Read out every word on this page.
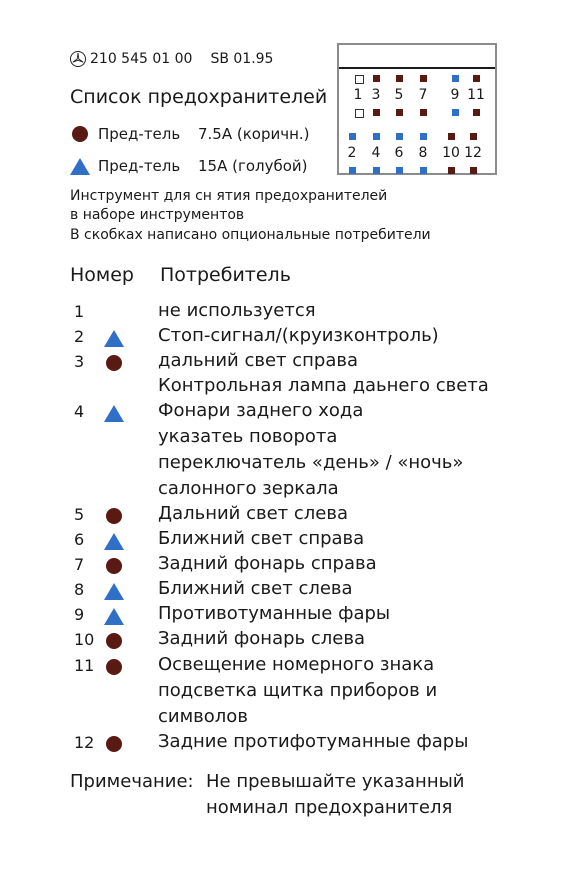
210 545 01 00 SB 01.95
Список предохранителей
Пред-тель	7.5A (коричн.)
Пред-тель	15A (голубой)
Инструмент для сн ятия предохранителей
в наборе инструментов
В скобках написано опциональные потребители
Номер Потребитель
1	не используется
2	Стоп-сигнал/(круизконтроль)
3	дальний свет справа
Контрольная лампа даьнего света
4	Фонари заднего хода
указатеь поворота
переключатель «день» / «ночь»
салонного зеркала
5	Дальний свет слева
6	Ближний свет справа
7	Задний фонарь справа
8	Ближний свет слева
9	Противотуманные фары
10	Задний фонарь слева
11	Освещение номерного знака
подсветка щитка приборов и
символов
12	Задние протифотуманные фары
Примечание: Не превышайте указанный
номинал предохранителя
1 3 5 7 9 11
2 4 6 8 10 12
